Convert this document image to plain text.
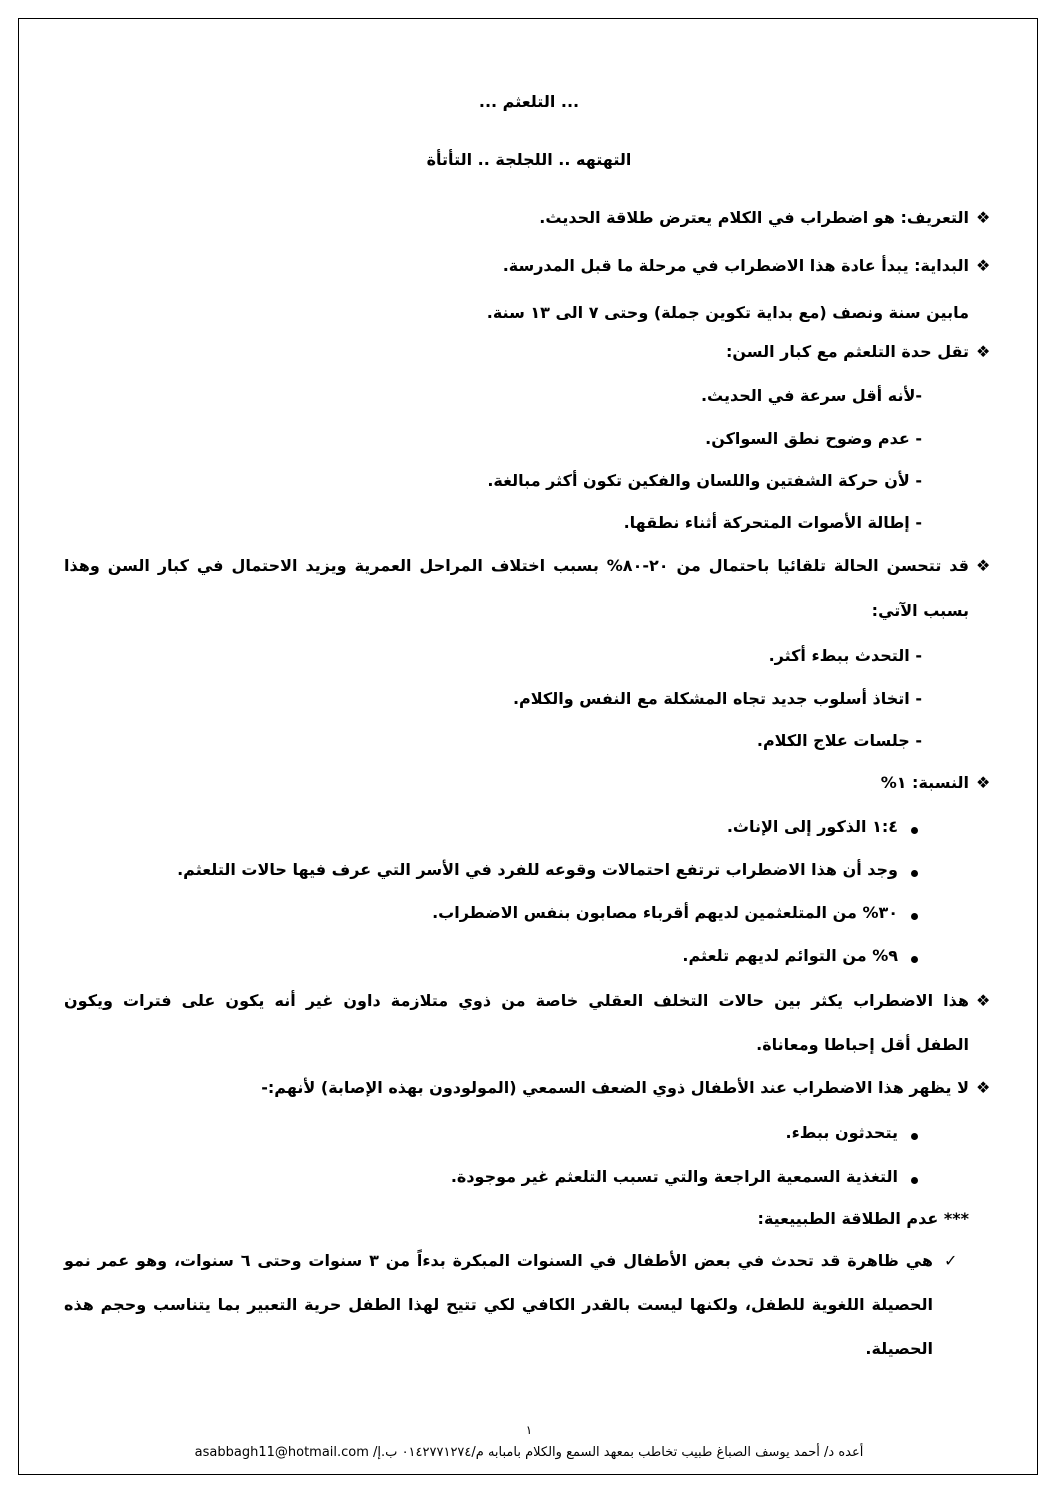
... التلعثم ...
التهتهه .. اللجلجة .. التأتأة
❖
التعريف: هو اضطراب في الكلام يعترض طلاقة الحديث.
❖
البداية: يبدأ عادة هذا الاضطراب في مرحلة ما قبل المدرسة.
مابين سنة ونصف (مع بداية تكوين جملة) وحتى ٧ الى ١٣ سنة.
❖
تقل حدة التلعثم مع كبار السن:
-لأنه أقل سرعة في الحديث.
- عدم وضوح نطق السواكن.
- لأن حركة الشفتين واللسان والفكين تكون أكثر مبالغة.
- إطالة الأصوات المتحركة أثناء نطقها.
❖
قد تتحسن الحالة تلقائيا باحتمال من ٢٠-٨٠% بسبب اختلاف المراحل العمرية ويزيد الاحتمال في كبار السن وهذا
بسبب الآتي:
- التحدث ببطء أكثر.
- اتخاذ أسلوب جديد تجاه المشكلة مع النفس والكلام.
- جلسات علاج الكلام.
❖
النسبة: ١%
١:٤ الذكور إلى الإناث.
وجد أن هذا الاضطراب ترتفع احتمالات وقوعه للفرد في الأسر التي عرف فيها حالات التلعثم.
٣٠% من المتلعثمين لديهم أقرباء مصابون بنفس الاضطراب.
٩% من التوائم لديهم تلعثم.
❖
هذا الاضطراب يكثر بين حالات التخلف العقلي خاصة من ذوي متلازمة داون غير أنه يكون على فترات ويكون
الطفل أقل إحباطا ومعاناة.
❖
لا يظهر هذا الاضطراب عند الأطفال ذوي الضعف السمعي (المولودون بهذه الإصابة) لأنهم:-
يتحدثون ببطء.
التغذية السمعية الراجعة والتي تسبب التلعثم غير موجودة.
*** عدم الطلاقة الطبييعية:
✓
هي ظاهرة قد تحدث في بعض الأطفال في السنوات المبكرة بدءاً من ٣ سنوات وحتى ٦ سنوات، وهو عمر نمو
الحصيلة اللغوية للطفل، ولكنها ليست بالقدر الكافي لكي تتيح لهذا الطفل حرية التعبير بما يتناسب وحجم هذه
الحصيلة.
١
أعده د/ أحمد يوسف الصباغ طبيب تخاطب بمعهد السمع والكلام بامبابه م/٠١٤٢٧٧١٢٧٤ ب.إ/ asabbagh11@hotmail.com
